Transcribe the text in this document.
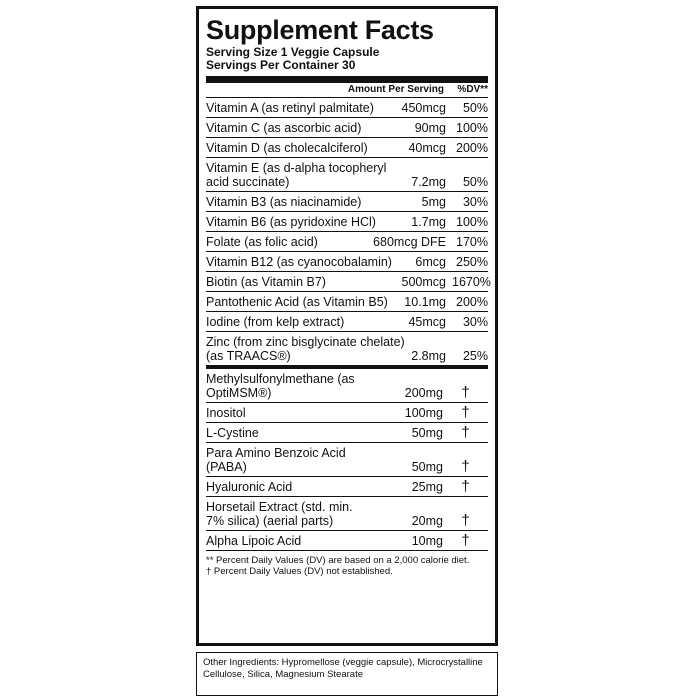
Supplement Facts
Serving Size 1 Veggie Capsule
Servings Per Container 30
Amount Per Serving	%DV**
Vitamin A (as retinyl palmitate)	450mcg	50%
Vitamin C (as ascorbic acid)	90mg 100%
Vitamin D (as cholecalciferol)	40mcg 200%
Vitamin E (as d-alpha tocopheryl acid succinate)	7.2mg	50%
Vitamin B3 (as niacinamide)	5mg	30%
Vitamin B6 (as pyridoxine HCl)	1.7mg 100%
Folate (as folic acid)	680mcg DFE 170%
Vitamin B12 (as cyanocobalamin)	6mcg 250%
Biotin (as Vitamin B7)	500mcg 1670%
Pantothenic Acid (as Vitamin B5)	10.1mg 200%
Iodine (from kelp extract)	45mcg	30%
Zinc (from zinc bisglycinate chelate) (as TRAACS®)	2.8mg	25%
Methylsulfonylmethane (as OptiMSM®)	200mg	†
Inositol	100mg	†
L-Cystine	50mg	†
Para Amino Benzoic Acid (PABA)	50mg	†
Hyaluronic Acid	25mg	†
Horsetail Extract (std. min. 7% silica) (aerial parts)	20mg	†
Alpha Lipoic Acid	10mg	†
** Percent Daily Values (DV) are based on a 2,000 calorie diet.
† Percent Daily Values (DV) not established.
Other Ingredients: Hypromellose (veggie capsule), Microcrystalline Cellulose, Silica, Magnesium Stearate
